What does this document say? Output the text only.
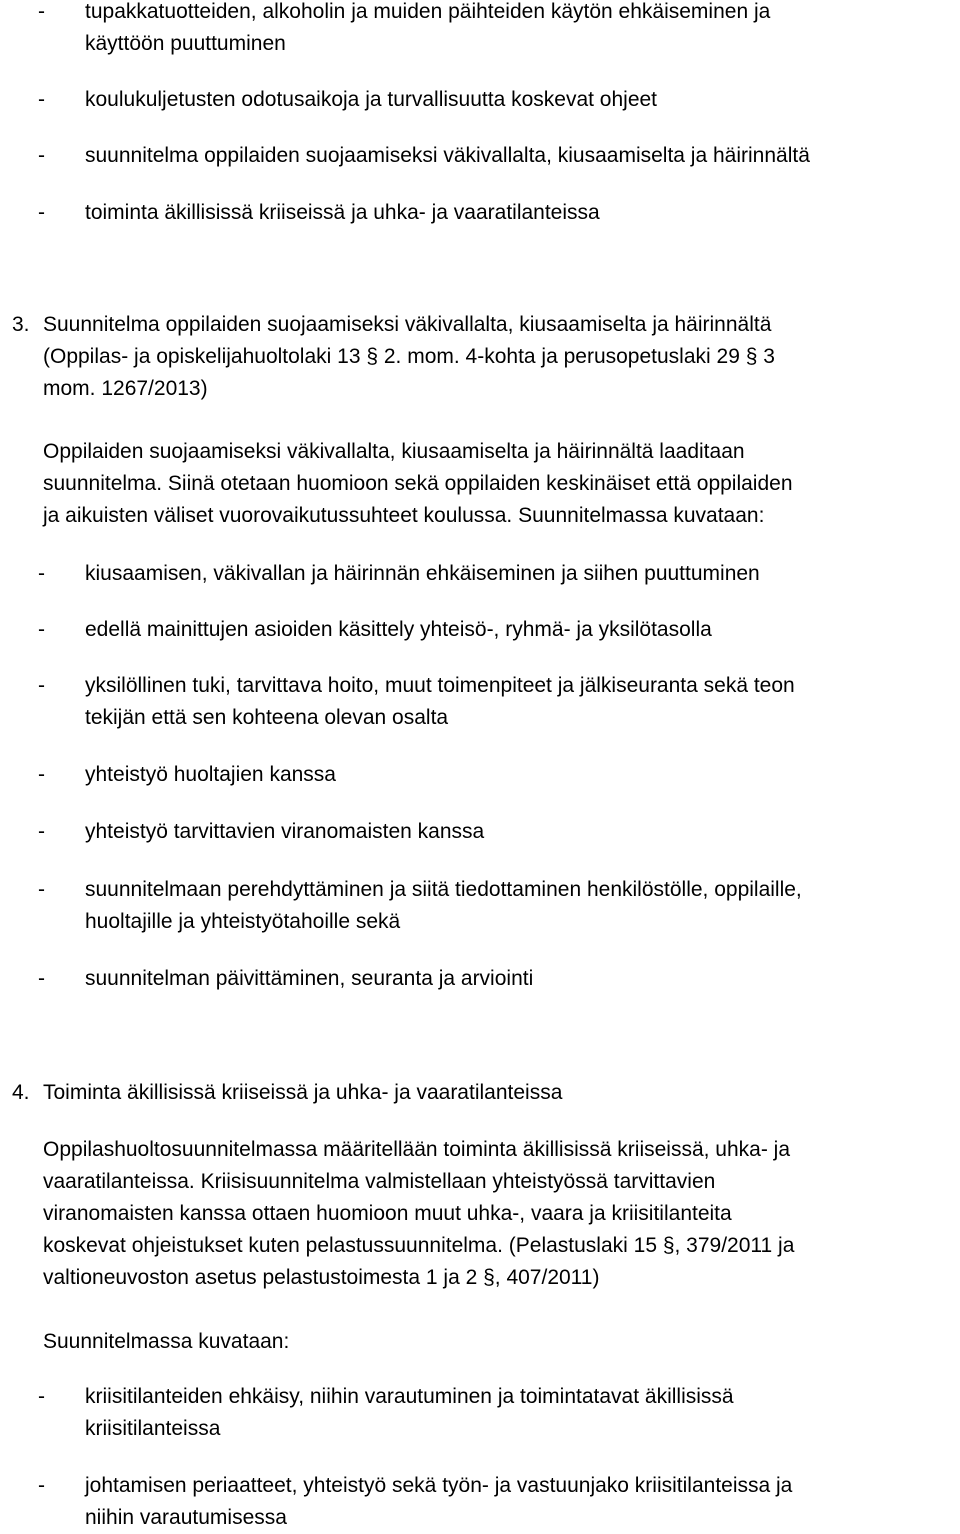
- tupakkatuotteiden, alkoholin ja muiden päihteiden käytön ehkäiseminen ja
käyttöön puuttuminen
- koulukuljetusten odotusaikoja ja turvallisuutta koskevat ohjeet
- suunnitelma oppilaiden suojaamiseksi väkivallalta, kiusaamiselta ja häirinnältä
- toiminta äkillisissä kriiseissä ja uhka- ja vaaratilanteissa
3. Suunnitelma oppilaiden suojaamiseksi väkivallalta, kiusaamiselta ja häirinnältä
(Oppilas- ja opiskelijahuoltolaki 13 § 2. mom. 4-kohta ja perusopetuslaki 29 § 3
mom. 1267/2013)
Oppilaiden suojaamiseksi väkivallalta, kiusaamiselta ja häirinnältä laaditaan
suunnitelma. Siinä otetaan huomioon sekä oppilaiden keskinäiset että oppilaiden
ja aikuisten väliset vuorovaikutussuhteet koulussa. Suunnitelmassa kuvataan:
- kiusaamisen, väkivallan ja häirinnän ehkäiseminen ja siihen puuttuminen
- edellä mainittujen asioiden käsittely yhteisö-, ryhmä- ja yksilötasolla
- yksilöllinen tuki, tarvittava hoito, muut toimenpiteet ja jälkiseuranta sekä teon
tekijän että sen kohteena olevan osalta
- yhteistyö huoltajien kanssa
- yhteistyö tarvittavien viranomaisten kanssa
- suunnitelmaan perehdyttäminen ja siitä tiedottaminen henkilöstölle, oppilaille,
huoltajille ja yhteistyötahoille sekä
- suunnitelman päivittäminen, seuranta ja arviointi
4. Toiminta äkillisissä kriiseissä ja uhka- ja vaaratilanteissa
Oppilashuoltosuunnitelmassa määritellään toiminta äkillisissä kriiseissä, uhka- ja
vaaratilanteissa. Kriisisuunnitelma valmistellaan yhteistyössä tarvittavien
viranomaisten kanssa ottaen huomioon muut uhka-, vaara ja kriisitilanteita
koskevat ohjeistukset kuten pelastussuunnitelma. (Pelastuslaki 15 §, 379/2011 ja
valtioneuvoston asetus pelastustoimesta 1 ja 2 §, 407/2011)
Suunnitelmassa kuvataan:
- kriisitilanteiden ehkäisy, niihin varautuminen ja toimintatavat äkillisissä
kriisitilanteissa
- johtamisen periaatteet, yhteistyö sekä työn- ja vastuunjako kriisitilanteissa ja
niihin varautumisessa
